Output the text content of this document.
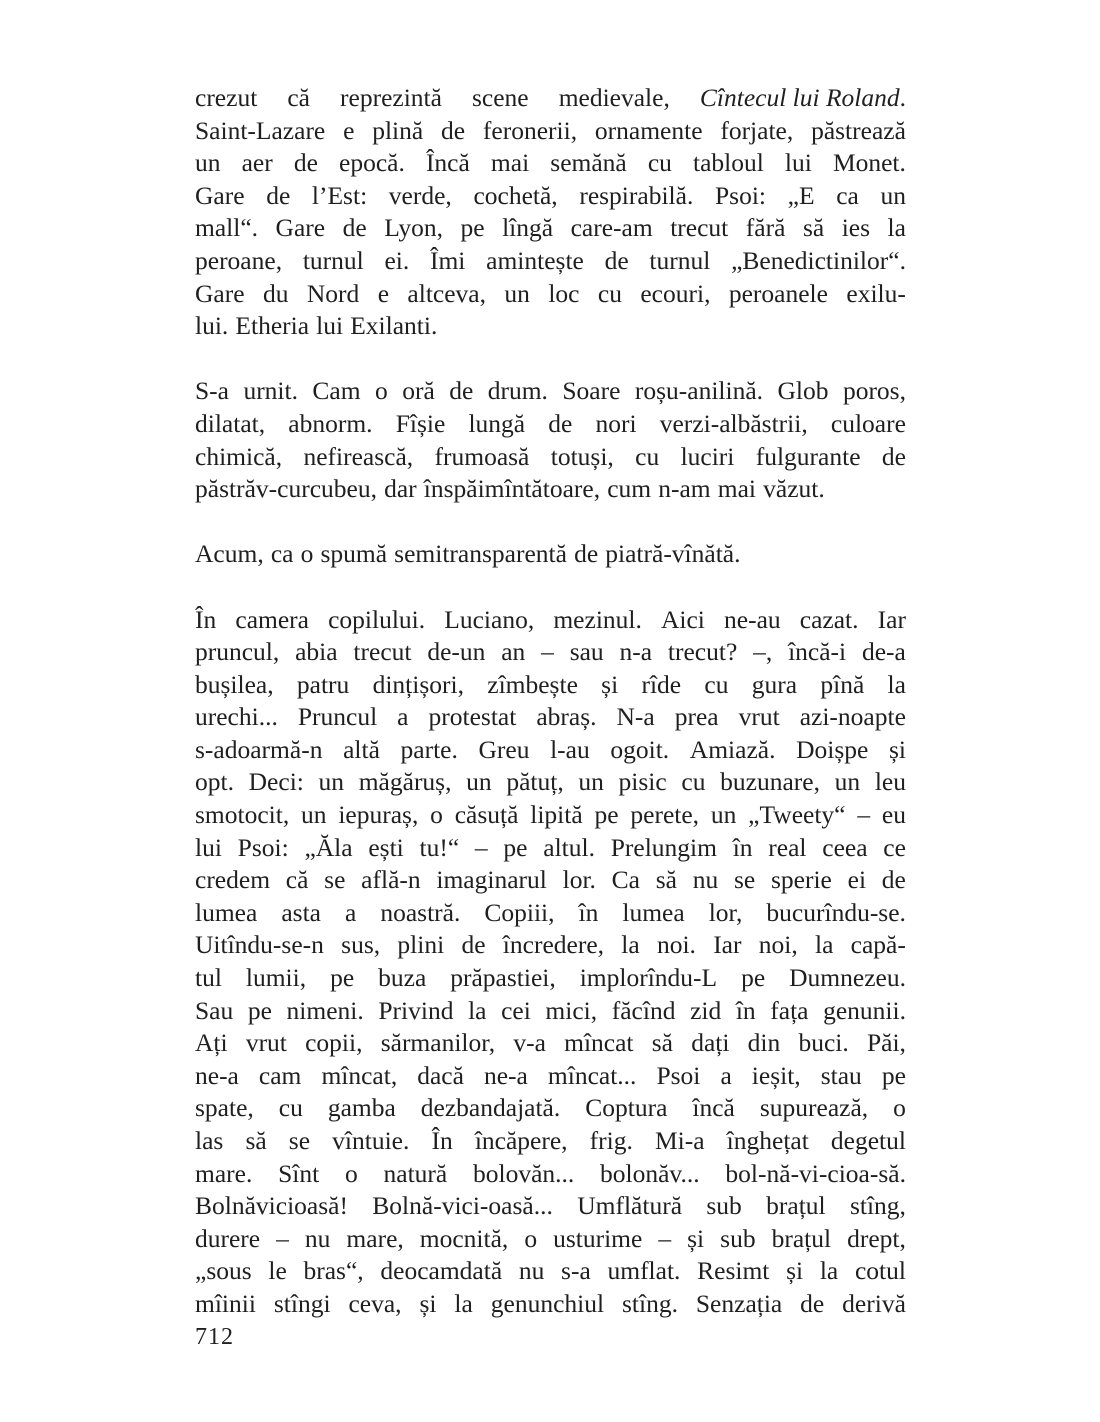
crezut că reprezintă scene medievale, Cîntecul lui Roland.
Saint-Lazare e plină de feronerii, ornamente forjate, păstrează
un aer de epocă. Încă mai semănă cu tabloul lui Monet.
Gare de l’Est: verde, cochetă, respirabilă. Psoi: „E ca un
mall“. Gare de Lyon, pe lîngă care-am trecut fără să ies la
peroane, turnul ei. Îmi amintește de turnul „Benedictinilor“.
Gare du Nord e altceva, un loc cu ecouri, peroanele exilu-
lui. Etheria lui Exilanti.
S-a urnit. Cam o oră de drum. Soare roșu-anilină. Glob poros,
dilatat, abnorm. Fîșie lungă de nori verzi-albăstrii, culoare
chimică, nefirească, frumoasă totuși, cu luciri fulgurante de
păstrăv-curcubeu, dar înspăimîntătoare, cum n-am mai văzut.
Acum, ca o spumă semitransparentă de piatră-vînătă.
În camera copilului. Luciano, mezinul. Aici ne-au cazat. Iar
pruncul, abia trecut de-un an – sau n-a trecut? –, încă-i de-a
bușilea, patru dințișori, zîmbește și rîde cu gura pînă la
urechi... Pruncul a protestat abraș. N-a prea vrut azi-noapte
s-adoarmă-n altă parte. Greu l-au ogoit. Amiază. Doișpe și
opt. Deci: un măgăruș, un pătuț, un pisic cu buzunare, un leu
smotocit, un iepuraș, o căsuță lipită pe perete, un „Tweety“ – eu
lui Psoi: „Ăla ești tu!“ – pe altul. Prelungim în real ceea ce
credem că se află-n imaginarul lor. Ca să nu se sperie ei de
lumea asta a noastră. Copiii, în lumea lor, bucurîndu-se.
Uitîndu-se-n sus, plini de încredere, la noi. Iar noi, la capă-
tul lumii, pe buza prăpastiei, implorîndu-L pe Dumnezeu.
Sau pe nimeni. Privind la cei mici, făcînd zid în fața genunii.
Ați vrut copii, sărmanilor, v-a mîncat să dați din buci. Păi,
ne-a cam mîncat, dacă ne-a mîncat... Psoi a ieșit, stau pe
spate, cu gamba dezbandajată. Coptura încă supurează, o
las să se vîntuie. În încăpere, frig. Mi-a înghețat degetul
mare. Sînt o natură bolovăn... bolonăv... bol-nă-vi-cioa-să.
Bolnăvicioasă! Bolnă-vici-oasă... Umflătură sub brațul stîng,
durere – nu mare, mocnită, o usturime – și sub brațul drept,
„sous le bras“, deocamdată nu s-a umflat. Resimt și la cotul
mîinii stîngi ceva, și la genunchiul stîng. Senzația de derivă
712
